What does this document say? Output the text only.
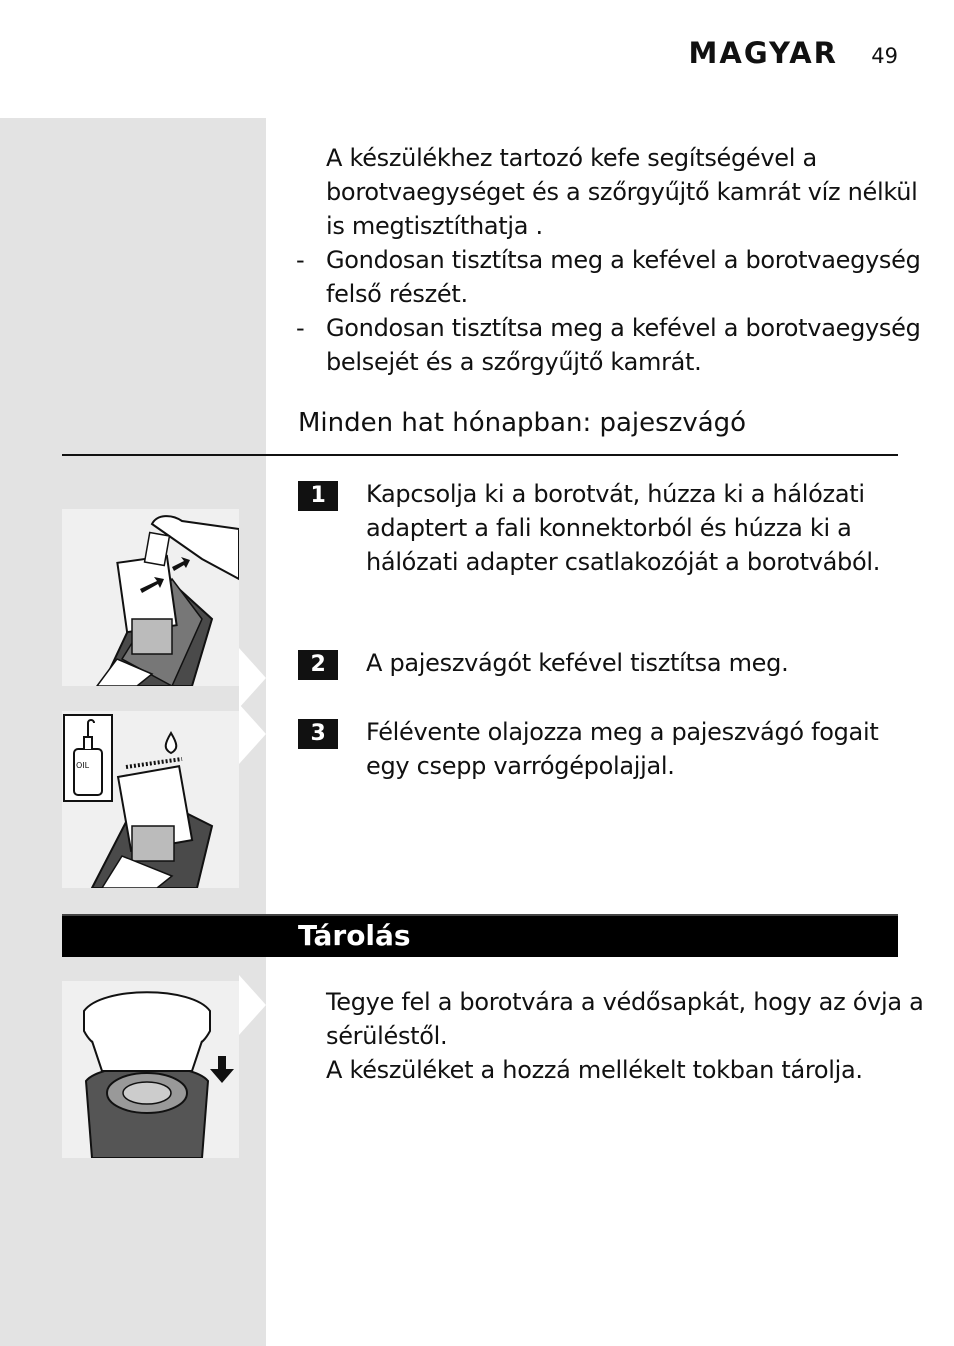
MAGYAR 49
A készülékhez tartozó kefe segítségével a borotvaegységet és a szőrgyűjtő kamrát víz nélkül is megtisztíthatja .
- Gondosan tisztítsa meg a kefével a borotvaegység felső részét.
- Gondosan tisztítsa meg a kefével a borotvaegység belsejét és a szőrgyűjtő kamrát.
Minden hat hónapban: pajeszvágó
OIL
1	Kapcsolja ki a borotvát, húzza ki a hálózati adaptert a fali konnektorból és húzza ki a hálózati adapter csatlakozóját a borotvából.
2	A pajeszvágót kefével tisztítsa meg.
3	Félévente olajozza meg a pajeszvágó fogait egy csepp varrógépolajjal.
Tárolás
Tegye fel a borotvára a védősapkát, hogy az óvja a sérüléstől.
A készüléket a hozzá mellékelt tokban tárolja.
